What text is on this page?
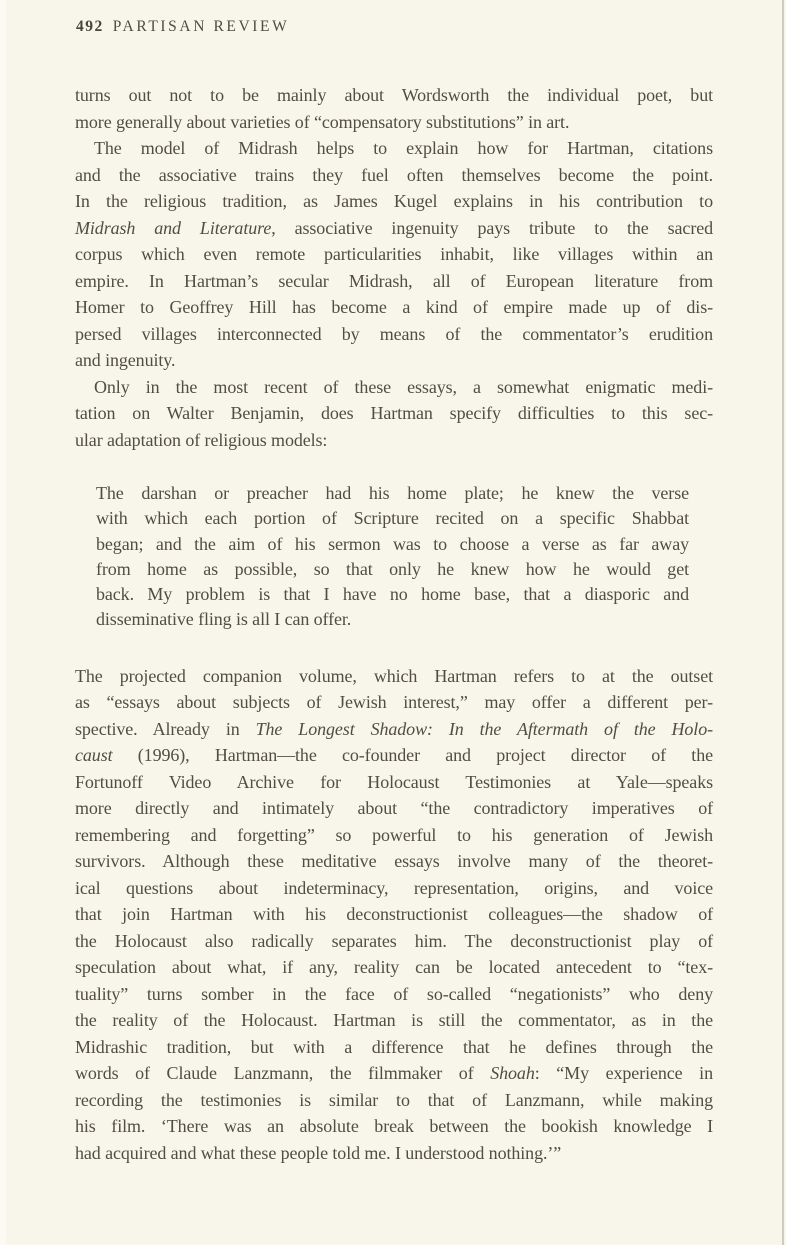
492 PARTISAN REVIEW
turns out not to be mainly about Wordsworth the individual poet, but
more generally about varieties of “compensatory substitutions” in art.
The model of Midrash helps to explain how for Hartman, citations
and the associative trains they fuel often themselves become the point.
In the religious tradition, as James Kugel explains in his contribution to
Midrash and Literature, associative ingenuity pays tribute to the sacred
corpus which even remote particularities inhabit, like villages within an
empire. In Hartman’s secular Midrash, all of European literature from
Homer to Geoffrey Hill has become a kind of empire made up of dis-
persed villages interconnected by means of the commentator’s erudition
and ingenuity.
Only in the most recent of these essays, a somewhat enigmatic medi-
tation on Walter Benjamin, does Hartman specify difficulties to this sec-
ular adaptation of religious models:
The darshan or preacher had his home plate; he knew the verse
with which each portion of Scripture recited on a specific Shabbat
began; and the aim of his sermon was to choose a verse as far away
from home as possible, so that only he knew how he would get
back. My problem is that I have no home base, that a diasporic and
disseminative fling is all I can offer.
The projected companion volume, which Hartman refers to at the outset
as “essays about subjects of Jewish interest,” may offer a different per-
spective. Already in The Longest Shadow: In the Aftermath of the Holo-
caust (1996), Hartman—the co-founder and project director of the
Fortunoff Video Archive for Holocaust Testimonies at Yale—speaks
more directly and intimately about “the contradictory imperatives of
remembering and forgetting” so powerful to his generation of Jewish
survivors. Although these meditative essays involve many of the theoret-
ical questions about indeterminacy, representation, origins, and voice
that join Hartman with his deconstructionist colleagues—the shadow of
the Holocaust also radically separates him. The deconstructionist play of
speculation about what, if any, reality can be located antecedent to “tex-
tuality” turns somber in the face of so-called “negationists” who deny
the reality of the Holocaust. Hartman is still the commentator, as in the
Midrashic tradition, but with a difference that he defines through the
words of Claude Lanzmann, the filmmaker of Shoah: “My experience in
recording the testimonies is similar to that of Lanzmann, while making
his film. ‘There was an absolute break between the bookish knowledge I
had acquired and what these people told me. I understood nothing.’”
